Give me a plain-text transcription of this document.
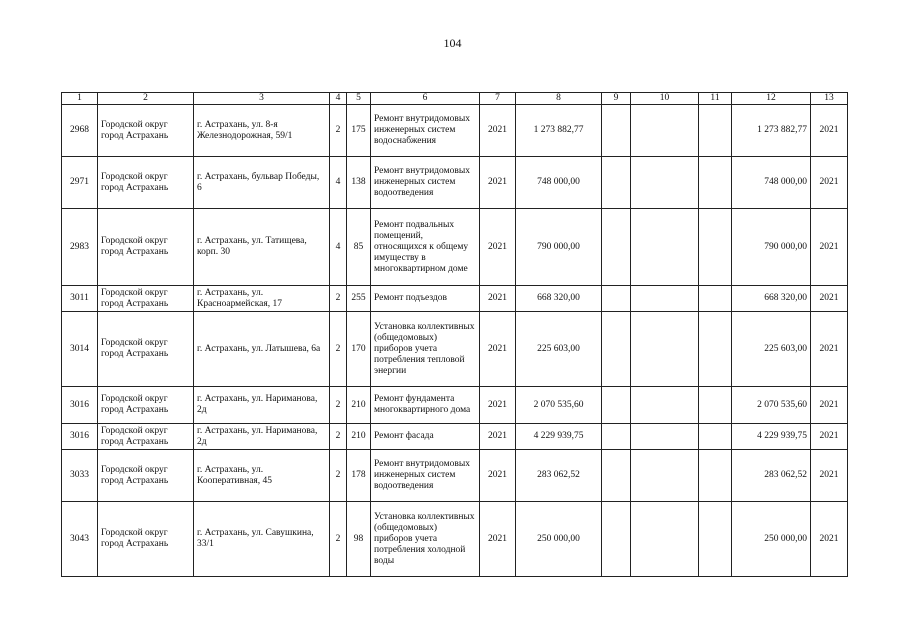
104
1	2	3	4	5	6	7	8	9	10	11	12	13
2968	Городской округ город Астрахань	г. Астрахань, ул. 8-я Железнодорожная, 59/1	2	175	Ремонт внутридомовых инженерных систем водоснабжения	2021	1 273 882,77				1 273 882,77	2021
2971	Городской округ город Астрахань	г. Астрахань, бульвар Победы, 6	4	138	Ремонт внутридомовых инженерных систем водоотведения	2021	748 000,00				748 000,00	2021
2983	Городской округ город Астрахань	г. Астрахань, ул. Татищева, корп. 30	4	85	Ремонт подвальных помещений, относящихся к общему имуществу в многоквартирном доме	2021	790 000,00				790 000,00	2021
3011	Городской округ город Астрахань	г. Астрахань, ул. Красноармейская, 17	2	255	Ремонт подъездов	2021	668 320,00				668 320,00	2021
3014	Городской округ город Астрахань	г. Астрахань, ул. Латышева, 6а	2	170	Установка коллективных (общедомовых) приборов учета потребления тепловой энергии	2021	225 603,00				225 603,00	2021
3016	Городской округ город Астрахань	г. Астрахань, ул. Нариманова, 2д	2	210	Ремонт фундамента многоквартирного дома	2021	2 070 535,60				2 070 535,60	2021
3016	Городской округ город Астрахань	г. Астрахань, ул. Нариманова, 2д	2	210	Ремонт фасада	2021	4 229 939,75				4 229 939,75	2021
3033	Городской округ город Астрахань	г. Астрахань, ул. Кооперативная, 45	2	178	Ремонт внутридомовых инженерных систем водоотведения	2021	283 062,52				283 062,52	2021
3043	Городской округ город Астрахань	г. Астрахань, ул. Савушкина, 33/1	2	98	Установка коллективных (общедомовых) приборов учета потребления холодной воды	2021	250 000,00				250 000,00	2021
